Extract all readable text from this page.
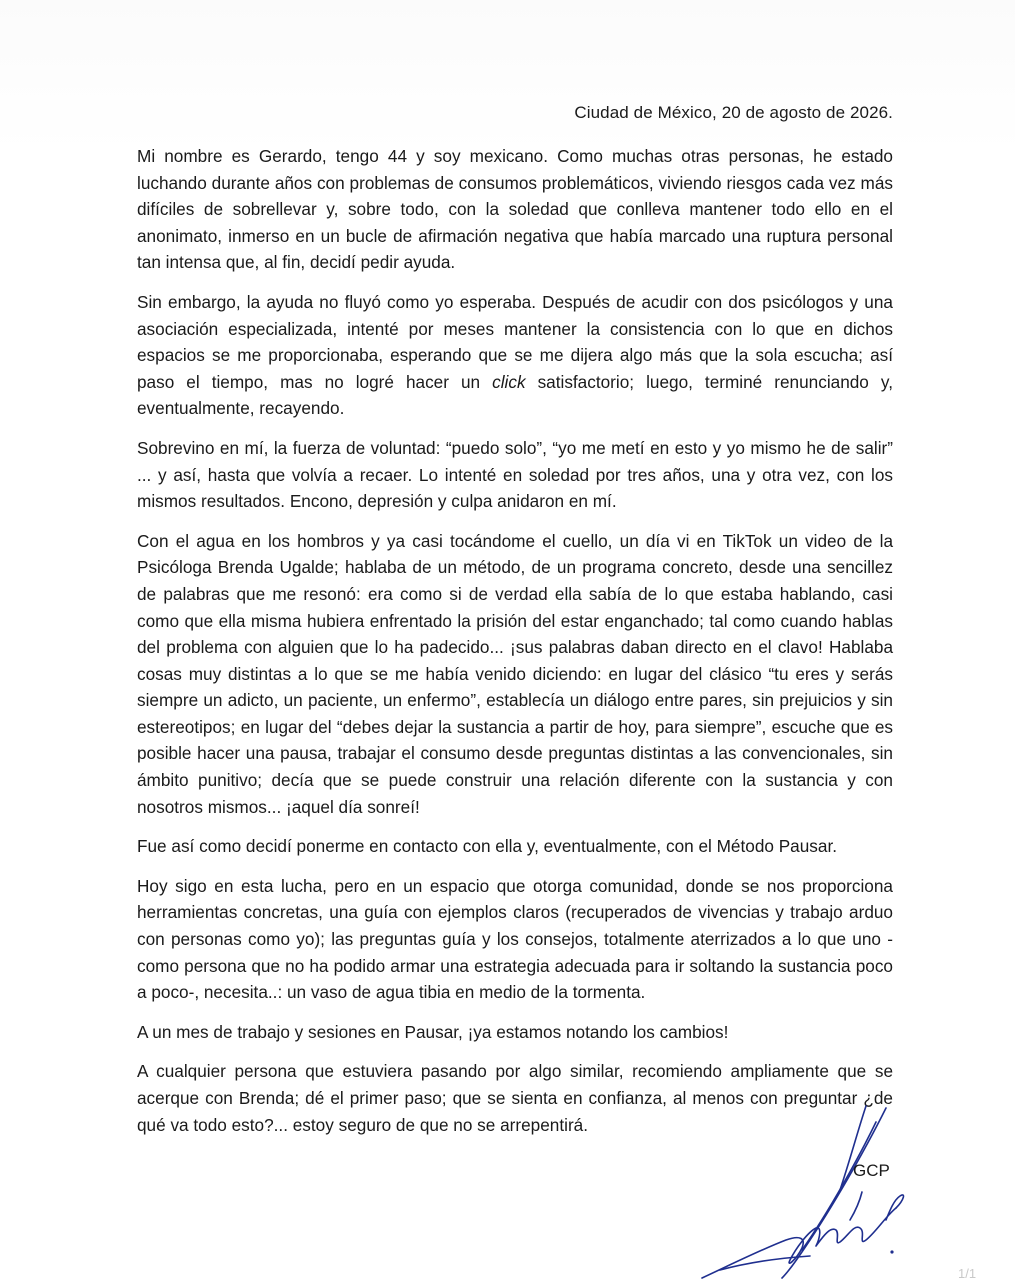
Ciudad de México, 20 de agosto de 2026.

Mi nombre es Gerardo, tengo 44 y soy mexicano. Como muchas otras personas, he estado luchando durante años con problemas de consumos problemáticos, viviendo riesgos cada vez más difíciles de sobrellevar y, sobre todo, con la soledad que conlleva mantener todo ello en el anonimato, inmerso en un bucle de afirmación negativa que había marcado una ruptura personal tan intensa que, al fin, decidí pedir ayuda.

Sin embargo, la ayuda no fluyó como yo esperaba. Después de acudir con dos psicólogos y una asociación especializada, intenté por meses mantener la consistencia con lo que en dichos espacios se me proporcionaba, esperando que se me dijera algo más que la sola escucha; así paso el tiempo, mas no logré hacer un click satisfactorio; luego, terminé renunciando y, eventualmente, recayendo.

Sobrevino en mí, la fuerza de voluntad: “puedo solo”, “yo me metí en esto y yo mismo he de salir” ... y así, hasta que volvía a recaer. Lo intenté en soledad por tres años, una y otra vez, con los mismos resultados. Encono, depresión y culpa anidaron en mí.

Con el agua en los hombros y ya casi tocándome el cuello, un día vi en TikTok un video de la Psicóloga Brenda Ugalde; hablaba de un método, de un programa concreto, desde una sencillez de palabras que me resonó: era como si de verdad ella sabía de lo que estaba hablando, casi como que ella misma hubiera enfrentado la prisión del estar enganchado; tal como cuando hablas del problema con alguien que lo ha padecido... ¡sus palabras daban directo en el clavo! Hablaba cosas muy distintas a lo que se me había venido diciendo: en lugar del clásico “tu eres y serás siempre un adicto, un paciente, un enfermo”, establecía un diálogo entre pares, sin prejuicios y sin estereotipos; en lugar del “debes dejar la sustancia a partir de hoy, para siempre”, escuche que es posible hacer una pausa, trabajar el consumo desde preguntas distintas a las convencionales, sin ámbito punitivo; decía que se puede construir una relación diferente con la sustancia y con nosotros mismos... ¡aquel día sonreí!

Fue así como decidí ponerme en contacto con ella y, eventualmente, con el Método Pausar.

Hoy sigo en esta lucha, pero en un espacio que otorga comunidad, donde se nos proporciona herramientas concretas, una guía con ejemplos claros (recuperados de vivencias y trabajo arduo con personas como yo); las preguntas guía y los consejos, totalmente aterrizados a lo que uno -como persona que no ha podido armar una estrategia adecuada para ir soltando la sustancia poco a poco-, necesita..: un vaso de agua tibia en medio de la tormenta.

A un mes de trabajo y sesiones en Pausar, ¡ya estamos notando los cambios!

A cualquier persona que estuviera pasando por algo similar, recomiendo ampliamente que se acerque con Brenda; dé el primer paso; que se sienta en confianza, al menos con preguntar ¿de qué va todo esto?... estoy seguro de que no se arrepentirá.

GCP
1/1
